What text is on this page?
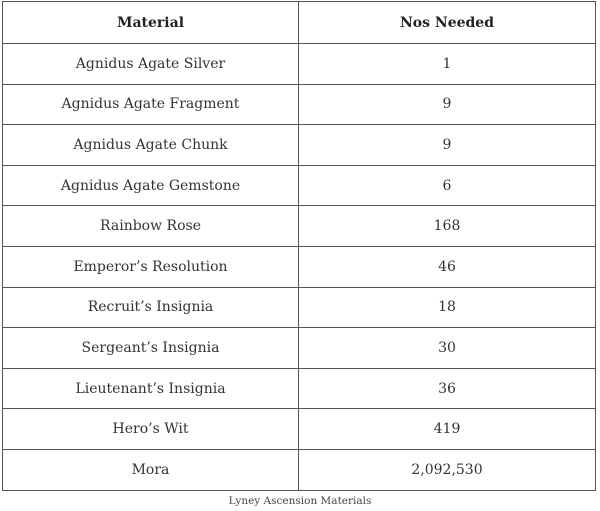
Material	Nos Needed
Agnidus Agate Silver	1
Agnidus Agate Fragment	9
Agnidus Agate Chunk	9
Agnidus Agate Gemstone	6
Rainbow Rose	168
Emperor’s Resolution	46
Recruit’s Insignia	18
Sergeant’s Insignia	30
Lieutenant’s Insignia	36
Hero’s Wit	419
Mora	2,092,530
Lyney Ascension Materials
